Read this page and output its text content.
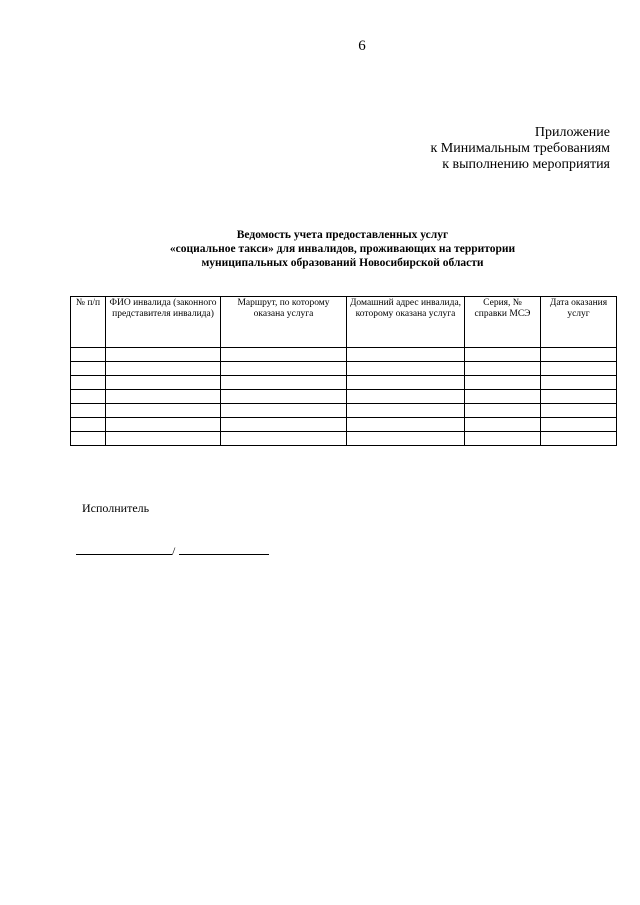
6
Приложение
к Минимальным требованиям
к выполнению мероприятия
Ведомость учета предоставленных услуг
«социальное такси» для инвалидов, проживающих на территории
муниципальных образований Новосибирской области
№ п/п	ФИО инвалида (законного представителя инвалида)	Маршрут, по которому оказана услуга	Домашний адрес инвалида, которому оказана услуга	Серия, № справки МСЭ	Дата оказания услуг

Исполнитель
/
